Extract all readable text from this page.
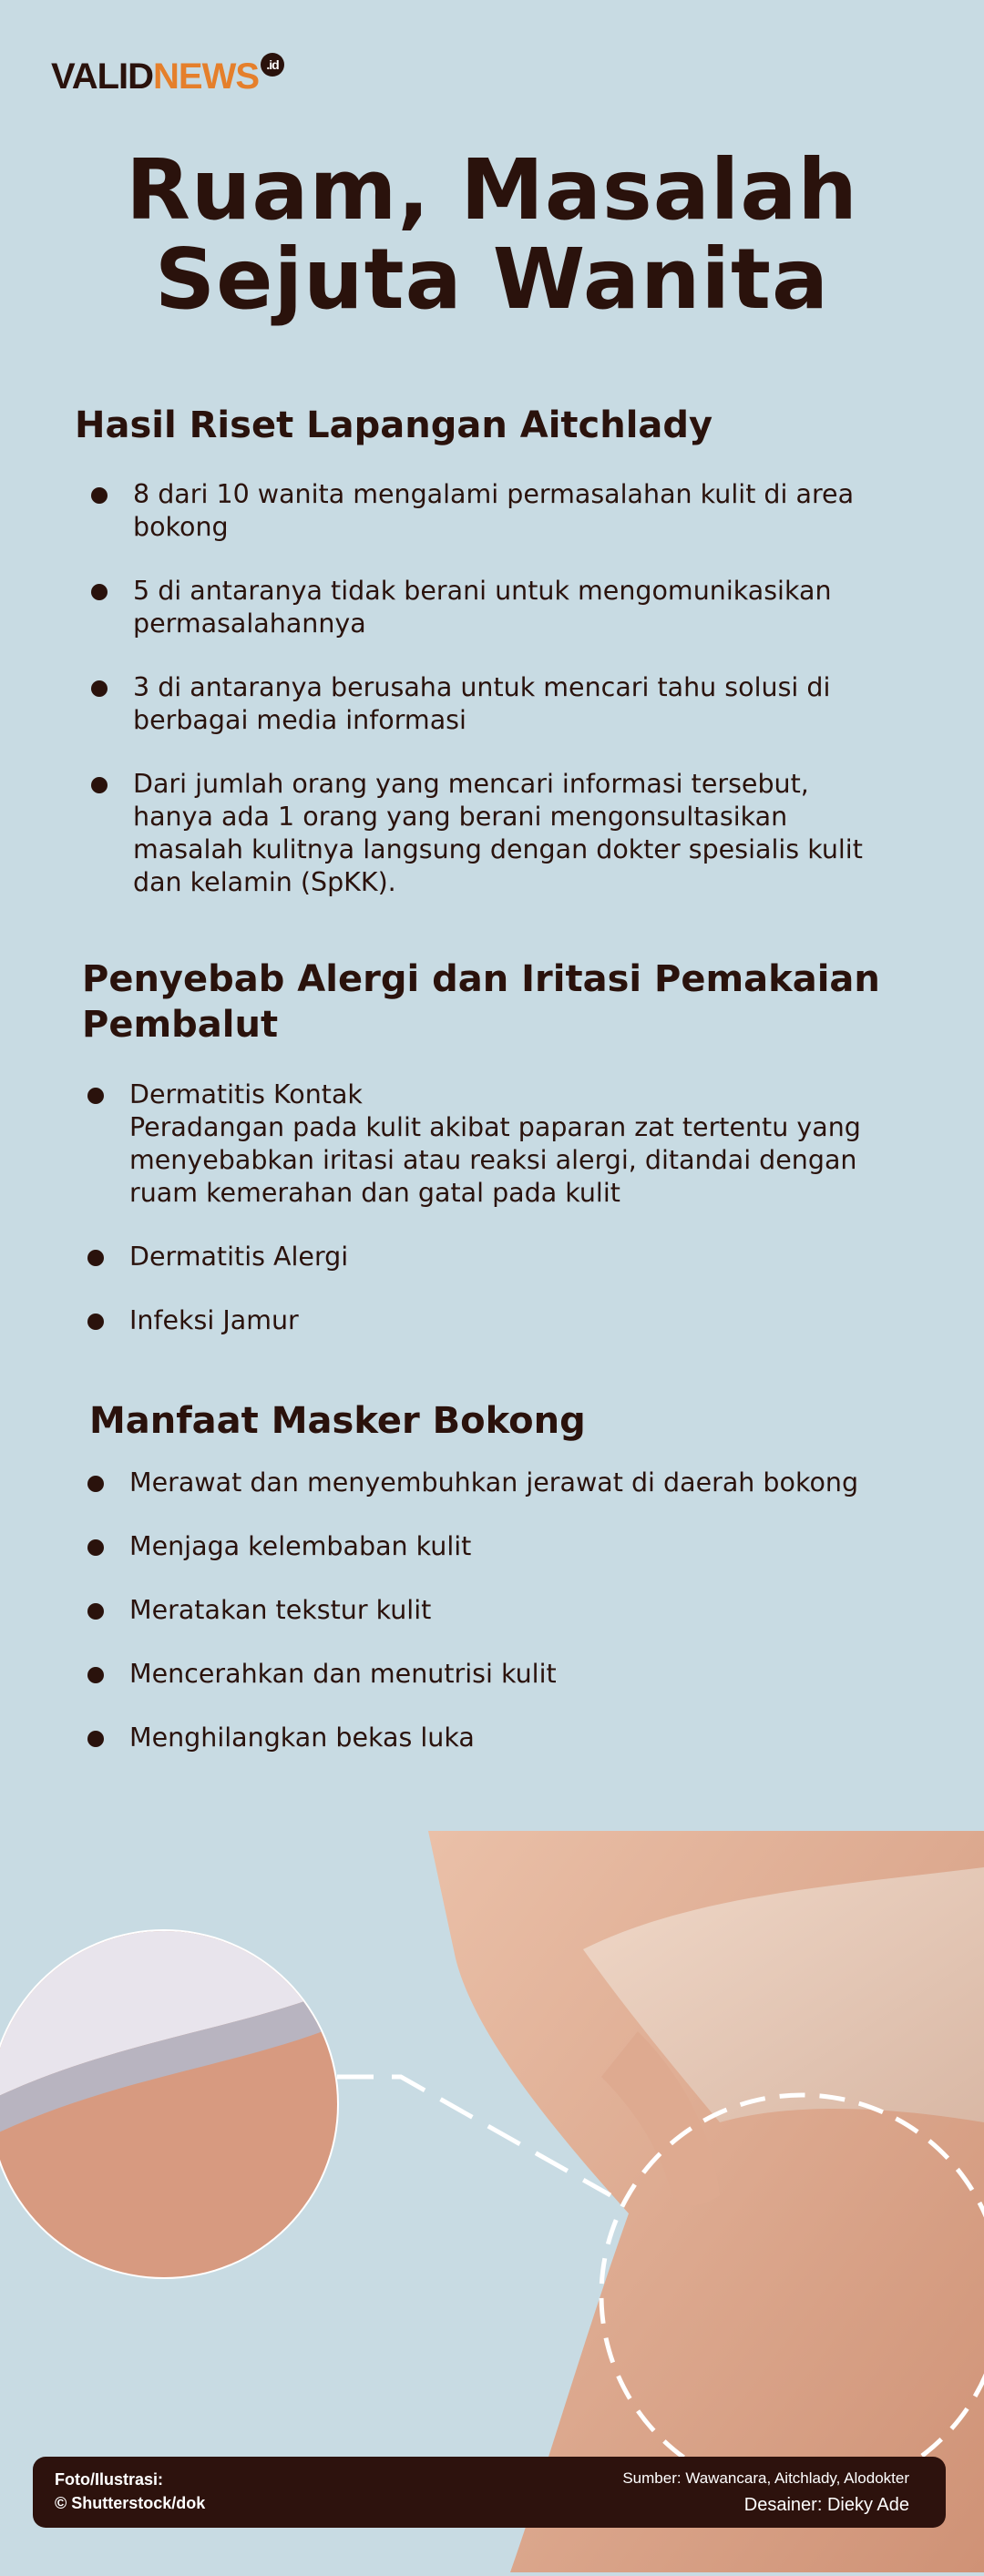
VALIDNEWS .id
Ruam, Masalah
Sejuta Wanita
Hasil Riset Lapangan Aitchlady
8 dari 10 wanita mengalami permasalahan kulit di area bokong
5 di antaranya tidak berani untuk mengomunikasikan permasalahannya
3 di antaranya berusaha untuk mencari tahu solusi di berbagai media informasi
Dari jumlah orang yang mencari informasi tersebut, hanya ada 1 orang yang berani mengonsultasikan masalah kulitnya langsung dengan dokter spesialis kulit dan kelamin (SpKK).
Penyebab Alergi dan Iritasi Pemakaian Pembalut
Dermatitis Kontak
Peradangan pada kulit akibat paparan zat tertentu yang menyebabkan iritasi atau reaksi alergi, ditandai dengan ruam kemerahan dan gatal pada kulit
Dermatitis Alergi
Infeksi Jamur
Manfaat Masker Bokong
Merawat dan menyembuhkan jerawat di daerah bokong
Menjaga kelembaban kulit
Meratakan tekstur kulit
Mencerahkan dan menutrisi kulit
Menghilangkan bekas luka
Foto/Ilustrasi:
© Shutterstock/dok
Sumber: Wawancara, Aitchlady, Alodokter
Desainer: Dieky Ade
